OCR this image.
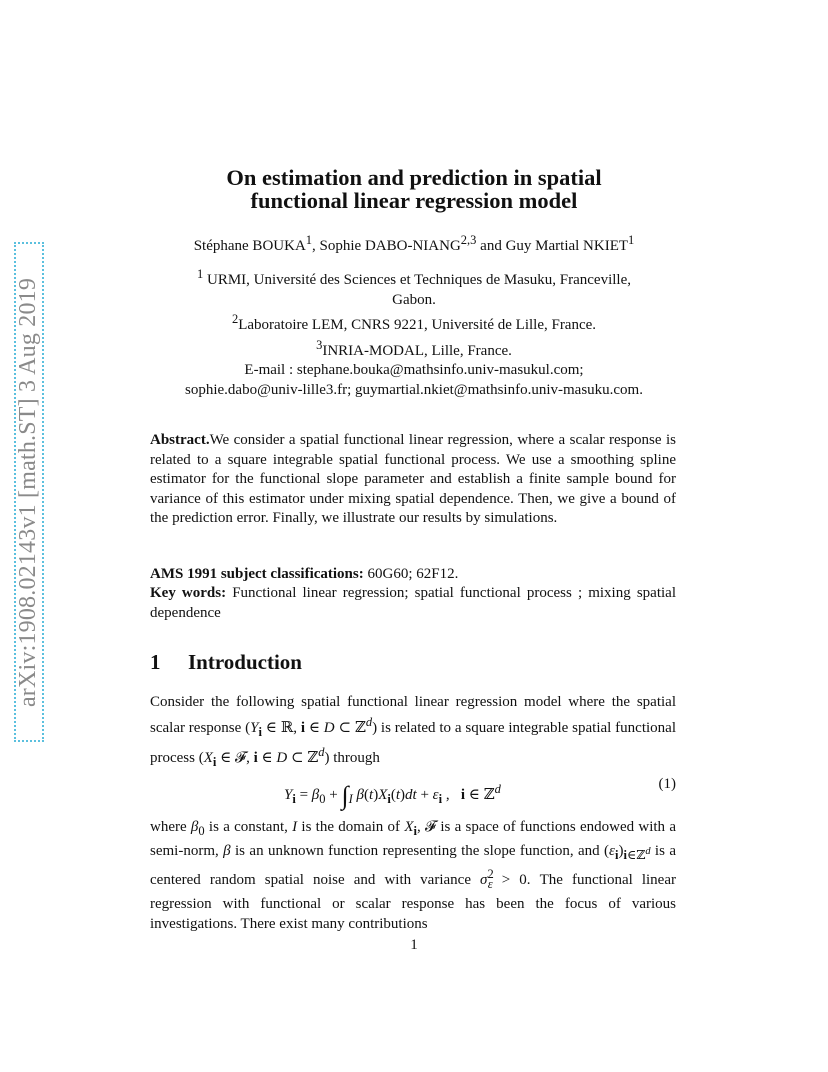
arXiv:1908.02143v1 [math.ST] 3 Aug 2019
On estimation and prediction in spatial
functional linear regression model
Stéphane BOUKA$^1$, Sophie DABO-NIANG$^{2,3}$ and Guy Martial NKIET$^1$
$^1$ URMI, Université des Sciences et Techniques de Masuku, Franceville,
Gabon.
$^2$Laboratoire LEM, CNRS 9221, Université de Lille, France.
$^3$INRIA-MODAL, Lille, France.
E-mail : stephane.bouka@mathsinfo.univ-masukul.com;
sophie.dabo@univ-lille3.fr; guymartial.nkiet@mathsinfo.univ-masuku.com.
Abstract.We consider a spatial functional linear regression, where a scalar response is related to a square integrable spatial functional process. We use a smoothing spline estimator for the functional slope parameter and establish a finite sample bound for variance of this estimator under mixing spatial dependence. Then, we give a bound of the prediction error. Finally, we illustrate our results by simulations.
AMS 1991 subject classifications: 60G60; 62F12.
Key words: Functional linear regression; spatial functional process ; mixing spatial dependence
1 Introduction
Consider the following spatial functional linear regression model where the spatial scalar response ($Y_i$ ∈ ℝ, i ∈ D ⊂ ℤ$^d$) is related to a square integrable spatial functional process ($X_i$ ∈ 𝓕, i ∈ D ⊂ ℤ$^d$) through
$Y_i = \beta_0 + \int_I$ $\beta(t)X_i(t)dt + \varepsilon_i$ ,   i ∈ ℤ$^d$	(1)
where $\beta_0$ is a constant, I is the domain of $X_i$, 𝓕 is a space of functions endowed with a semi-norm, β is an unknown function representing the slope function, and $(\varepsilon_i)_{i\in ℤ^d}$ is a centered random spatial noise and with variance $\sigma^2_\varepsilon > 0$. The functional linear regression with functional or scalar response has been the focus of various investigations. There exist many contributions
1
